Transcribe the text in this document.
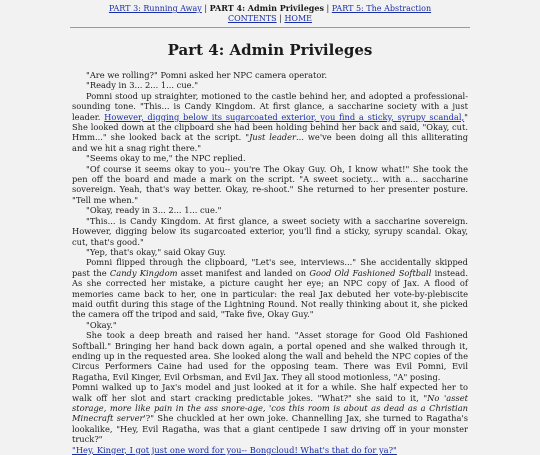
PART 3: Running Away | PART 4: Admin Privileges | PART 5: The Abstraction
CONTENTS | HOME
Part 4: Admin Privileges

"Are we rolling?" Pomni asked her NPC camera operator.

"Ready in 3... 2... 1... cue."

Pomni stood up straighter, motioned to the castle behind her, and adopted a professional-sounding tone. "This... is Candy Kingdom. At first glance, a saccharine society with a just leader. However, digging below its sugarcoated exterior, you find a sticky, syrupy scandal," She looked down at the clipboard she had been holding behind her back and said, "Okay, cut. Hmm..." she looked back at the script. "Just leader... we've been doing all this alliterating and we hit a snag right there."

"Seems okay to me," the NPC replied.

"Of course it seems okay to you-- you're The Okay Guy. Oh, I know what!" She took the pen off the board and made a mark on the script. "A sweet society... with a... saccharine sovereign. Yeah, that's way better. Okay, re-shoot." She returned to her presenter posture. "Tell me when."

"Okay, ready in 3... 2... 1... cue."

"This... is Candy Kingdom. At first glance, a sweet society with a saccharine sovereign. However, digging below its sugarcoated exterior, you'll find a sticky, syrupy scandal. Okay, cut, that's good."

"Yep, that's okay," said Okay Guy.

Pomni flipped through the clipboard, "Let's see, interviews..." She accidentally skipped past the Candy Kingdom asset manifest and landed on Good Old Fashioned Softball instead. As she corrected her mistake, a picture caught her eye; an NPC copy of Jax. A flood of memories came back to her, one in particular: the real Jax debuted her vote-by-plebiscite maid outfit during this stage of the Lightning Round. Not really thinking about it, she picked the camera off the tripod and said, "Take five, Okay Guy."

"Okay."

She took a deep breath and raised her hand. "Asset storage for Good Old Fashioned Softball." Bringing her hand back down again, a portal opened and she walked through it, ending up in the requested area. She looked along the wall and beheld the NPC copies of the Circus Performers Caine had used for the opposing team. There was Evil Pomni, Evil Ragatha, Evil Kinger, Evil Orbsman, and Evil Jax. They all stood motionless, "A" posing.

Pomni walked up to Jax's model and just looked at it for a while. She half expected her to walk off her slot and start cracking predictable jokes. "What?" she said to it, "No 'asset storage, more like pain in the ass snore-age, 'cos this room is about as dead as a Christian Minecraft server'?" She chuckled at her own joke. Channelling Jax, she turned to Ragatha's lookalike, "Hey, Evil Ragatha, was that a giant centipede I saw driving off in your monster truck?"

"Hey, Kinger, I got just one word for you-- Bongcloud! What's that do for ya?"
